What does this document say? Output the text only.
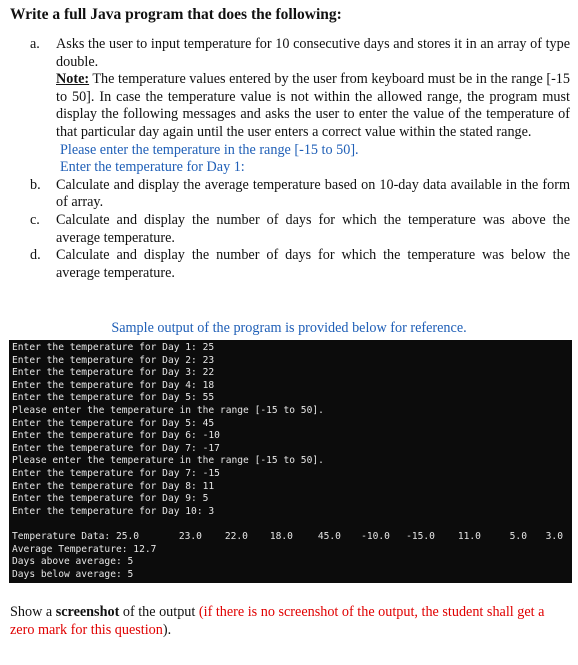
Write a full Java program that does the following:
a. Asks the user to input temperature for 10 consecutive days and stores it in an array of type double.
Note: The temperature values entered by the user from keyboard must be in the range [-15 to 50]. In case the temperature value is not within the allowed range, the program must display the following messages and asks the user to enter the value of the temperature of that particular day again until the user enters a correct value within the stated range.
Please enter the temperature in the range [-15 to 50].
Enter the temperature for Day 1:
b. Calculate and display the average temperature based on 10-day data available in the form of array.
c. Calculate and display the number of days for which the temperature was above the average temperature.
d. Calculate and display the number of days for which the temperature was below the average temperature.
Sample output of the program is provided below for reference.
Enter the temperature for Day 1: 25
Enter the temperature for Day 2: 23
Enter the temperature for Day 3: 22
Enter the temperature for Day 4: 18
Enter the temperature for Day 5: 55
Please enter the temperature in the range [-15 to 50].
Enter the temperature for Day 5: 45
Enter the temperature for Day 6: -10
Enter the temperature for Day 7: -17
Please enter the temperature in the range [-15 to 50].
Enter the temperature for Day 7: -15
Enter the temperature for Day 8: 11
Enter the temperature for Day 9: 5
Enter the temperature for Day 10: 3
Temperature Data: 25.0	23.0 22.0 18.0	45.0 -10.0 -15.0 11.0	5.0 3.0
Average Temperature: 12.7
Days above average: 5
Days below average: 5
Show a screenshot of the output (if there is no screenshot of the output, the student shall get a zero mark for this question).
